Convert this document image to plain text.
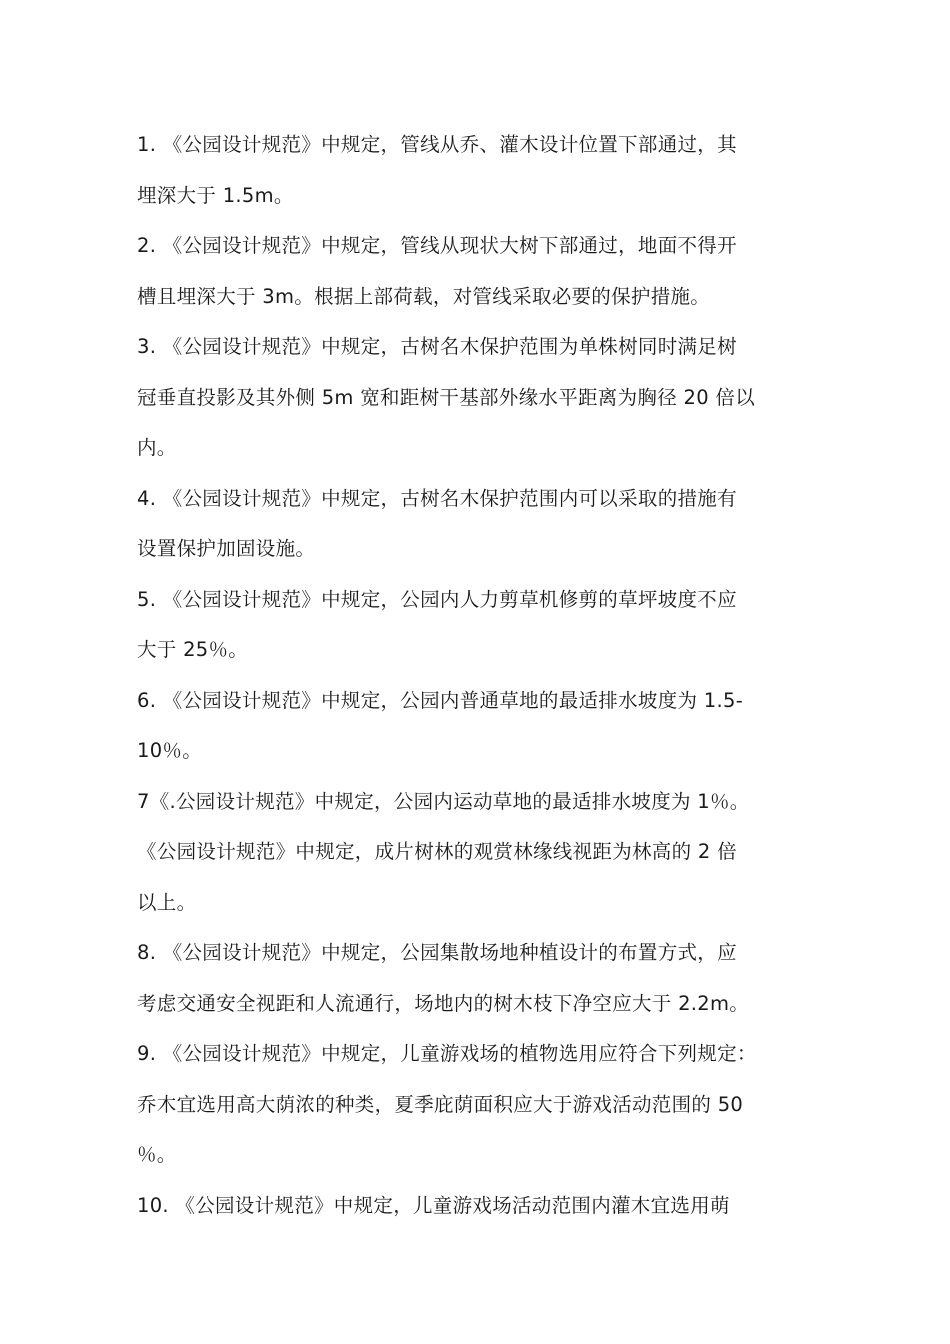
1. 《公园设计规范》中规定，管线从乔、灌木设计位置下部通过，其
埋深大于 1.5m。
2. 《公园设计规范》中规定，管线从现状大树下部通过，地面不得开
槽且埋深大于 3m。根据上部荷载，对管线采取必要的保护措施。
3. 《公园设计规范》中规定，古树名木保护范围为单株树同时满足树
冠垂直投影及其外侧 5m 宽和距树干基部外缘水平距离为胸径 20 倍以
内。
4. 《公园设计规范》中规定，古树名木保护范围内可以采取的措施有
设置保护加固设施。
5. 《公园设计规范》中规定，公园内人力剪草机修剪的草坪坡度不应
大于 25％。
6. 《公园设计规范》中规定，公园内普通草地的最适排水坡度为 1.5-
10％。
7《.公园设计规范》中规定，公园内运动草地的最适排水坡度为 1％。
《公园设计规范》中规定，成片树林的观赏林缘线视距为林高的 2 倍
以上。
8. 《公园设计规范》中规定，公园集散场地种植设计的布置方式，应
考虑交通安全视距和人流通行，场地内的树木枝下净空应大于 2.2m。
9. 《公园设计规范》中规定，儿童游戏场的植物选用应符合下列规定：
乔木宜选用高大荫浓的种类，夏季庇荫面积应大于游戏活动范围的 50
％。
10. 《公园设计规范》中规定，儿童游戏场活动范围内灌木宜选用萌
